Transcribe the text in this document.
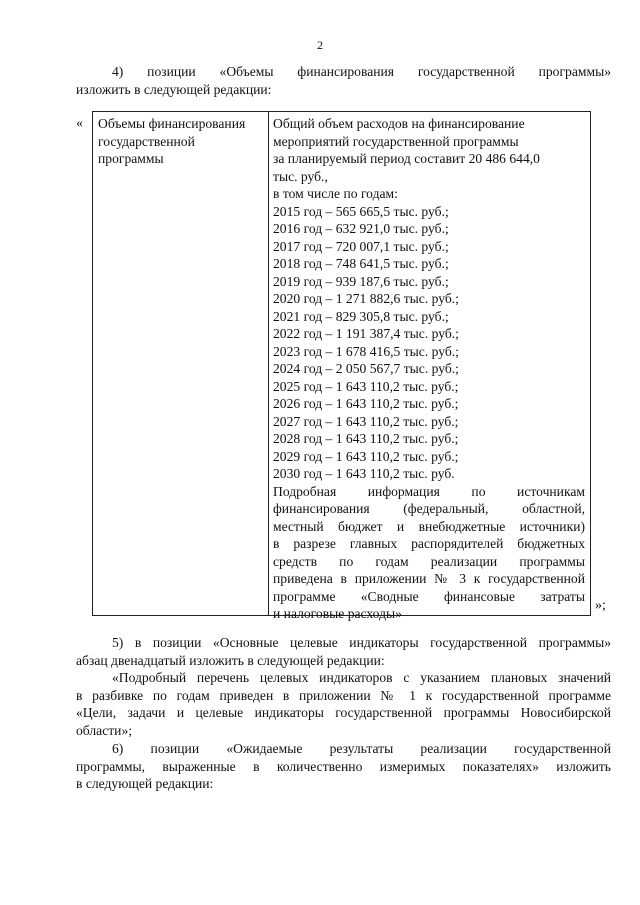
2
4) позиции «Объемы финансирования государственной программы»
изложить в следующей редакции:
« Объемы финансирования
государственной
программы
Общий объем расходов на финансирование
мероприятий государственной программы
за планируемый период составит 20 486 644,0
тыс. руб.,
в том числе по годам:
2015 год – 565 665,5 тыс. руб.;
2016 год – 632 921,0 тыс. руб.;
2017 год – 720 007,1 тыс. руб.;
2018 год – 748 641,5 тыс. руб.;
2019 год – 939 187,6 тыс. руб.;
2020 год – 1 271 882,6 тыс. руб.;
2021 год – 829 305,8 тыс. руб.;
2022 год – 1 191 387,4 тыс. руб.;
2023 год – 1 678 416,5 тыс. руб.;
2024 год – 2 050 567,7 тыс. руб.;
2025 год – 1 643 110,2 тыс. руб.;
2026 год – 1 643 110,2 тыс. руб.;
2027 год – 1 643 110,2 тыс. руб.;
2028 год – 1 643 110,2 тыс. руб.;
2029 год – 1 643 110,2 тыс. руб.;
2030 год – 1 643 110,2 тыс. руб.
Подробная информация по источникам
финансирования (федеральный, областной,
местный бюджет и внебюджетные источники)
в разрезе главных распорядителей бюджетных
средств по годам реализации программы
приведена в приложении № 3 к государственной
программе «Сводные финансовые затраты
и налоговые расходы»
»;
5) в позиции «Основные целевые индикаторы государственной программы»
абзац двенадцатый изложить в следующей редакции:
«Подробный перечень целевых индикаторов с указанием плановых значений
в разбивке по годам приведен в приложении № 1 к государственной программе
«Цели, задачи и целевые индикаторы государственной программы Новосибирской
области»;
6) позиции «Ожидаемые результаты реализации государственной
программы, выраженные в количественно измеримых показателях» изложить
в следующей редакции:
